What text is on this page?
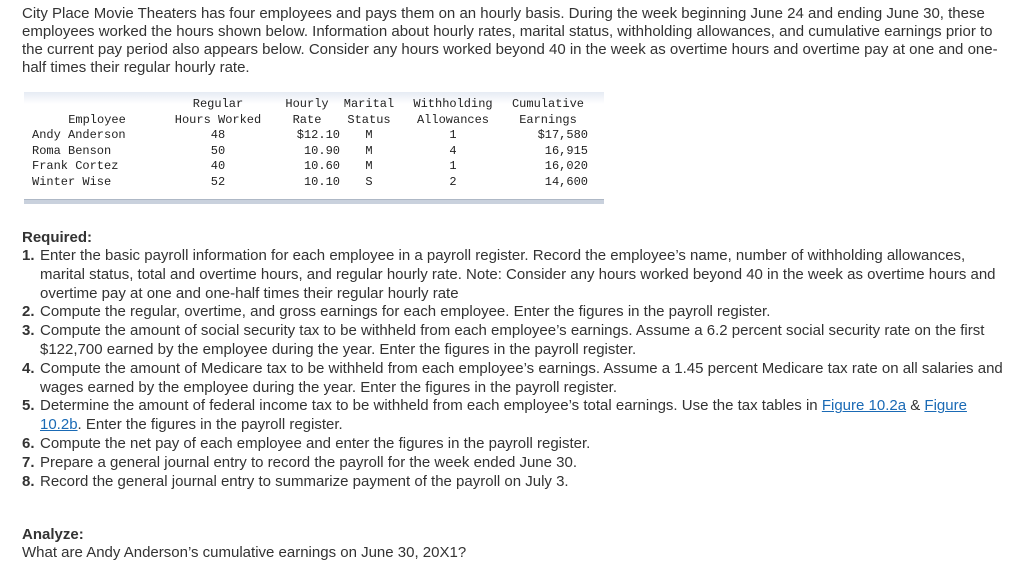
City Place Movie Theaters has four employees and pays them on an hourly basis. During the week beginning June 24 and ending June 30, these employees worked the hours shown below. Information about hourly rates, marital status, withholding allowances, and cumulative earnings prior to the current pay period also appears below. Consider any hours worked beyond 40 in the week as overtime hours and overtime pay at one and one-half times their regular hourly rate.

	Regular	Hourly	Marital	Withholding	Cumulative
Employee	Hours Worked	Rate	Status	Allowances	Earnings
Andy Anderson	48	$12.10	M	1	$17,580
Roma Benson	50	10.90	M	4	16,915
Frank Cortez	40	10.60	M	1	16,020
Winter Wise	52	10.10	S	2	14,600

Required:

1. Enter the basic payroll information for each employee in a payroll register. Record the employee’s name, number of withholding allowances, marital status, total and overtime hours, and regular hourly rate. Note: Consider any hours worked beyond 40 in the week as overtime hours and overtime pay at one and one-half times their regular hourly rate
2. Compute the regular, overtime, and gross earnings for each employee. Enter the figures in the payroll register.
3. Compute the amount of social security tax to be withheld from each employee’s earnings. Assume a 6.2 percent social security rate on the first $122,700 earned by the employee during the year. Enter the figures in the payroll register.
4. Compute the amount of Medicare tax to be withheld from each employee’s earnings. Assume a 1.45 percent Medicare tax rate on all salaries and wages earned by the employee during the year. Enter the figures in the payroll register.
5. Determine the amount of federal income tax to be withheld from each employee’s total earnings. Use the tax tables in Figure 10.2a & Figure 10.2b. Enter the figures in the payroll register.
6. Compute the net pay of each employee and enter the figures in the payroll register.
7. Prepare a general journal entry to record the payroll for the week ended June 30.
8. Record the general journal entry to summarize payment of the payroll on July 3.

Analyze:

What are Andy Anderson’s cumulative earnings on June 30, 20X1?
